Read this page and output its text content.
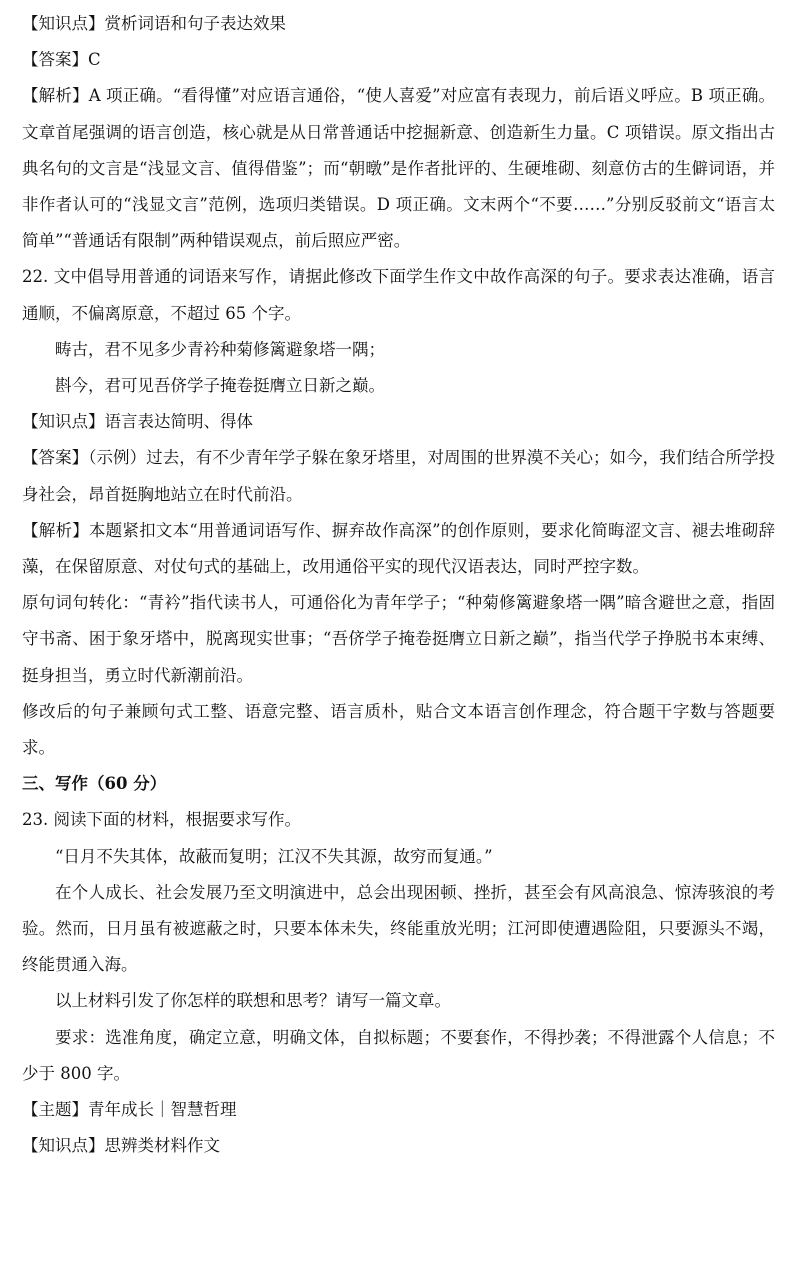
【知识点】赏析词语和句子表达效果

【答案】C

【解析】A 项正确。“看得懂”对应语言通俗，“使人喜爱”对应富有表现力，前后语义呼应。B 项正确。文章首尾强调的语言创造，核心就是从日常普通话中挖掘新意、创造新生力量。C 项错误。原文指出古典名句的文言是“浅显文言、值得借鉴”；而“朝暾”是作者批评的、生硬堆砌、刻意仿古的生僻词语，并非作者认可的“浅显文言”范例，选项归类错误。D 项正确。文末两个“不要……”分别反驳前文“语言太简单”“普通话有限制”两种错误观点，前后照应严密。

22. 文中倡导用普通的词语来写作，请据此修改下面学生作文中故作高深的句子。要求表达准确，语言通顺，不偏离原意，不超过 65 个字。

畴古，君不见多少青衿种菊修篱避象塔一隅；

斟今，君可见吾侪学子掩卷挺膺立日新之巅。

【知识点】语言表达简明、得体

【答案】（示例）过去，有不少青年学子躲在象牙塔里，对周围的世界漠不关心；如今，我们结合所学投身社会，昂首挺胸地站立在时代前沿。

【解析】本题紧扣文本“用普通词语写作、摒弃故作高深”的创作原则，要求化简晦涩文言、褪去堆砌辞藻，在保留原意、对仗句式的基础上，改用通俗平实的现代汉语表达，同时严控字数。

原句词句转化：“青衿”指代读书人，可通俗化为青年学子；“种菊修篱避象塔一隅”暗含避世之意，指固守书斋、困于象牙塔中，脱离现实世事；“吾侪学子掩卷挺膺立日新之巅”，指当代学子挣脱书本束缚、挺身担当，勇立时代新潮前沿。

修改后的句子兼顾句式工整、语意完整、语言质朴，贴合文本语言创作理念，符合题干字数与答题要求。

三、写作（60 分）

23. 阅读下面的材料，根据要求写作。

“日月不失其体，故蔽而复明；江汉不失其源，故穷而复通。”

在个人成长、社会发展乃至文明演进中，总会出现困顿、挫折，甚至会有风高浪急、惊涛骇浪的考验。然而，日月虽有被遮蔽之时，只要本体未失，终能重放光明；江河即使遭遇险阻，只要源头不竭，终能贯通入海。

以上材料引发了你怎样的联想和思考？请写一篇文章。

要求：选准角度，确定立意，明确文体，自拟标题；不要套作，不得抄袭；不得泄露个人信息；不少于 800 字。

【主题】青年成长｜智慧哲理

【知识点】思辨类材料作文
